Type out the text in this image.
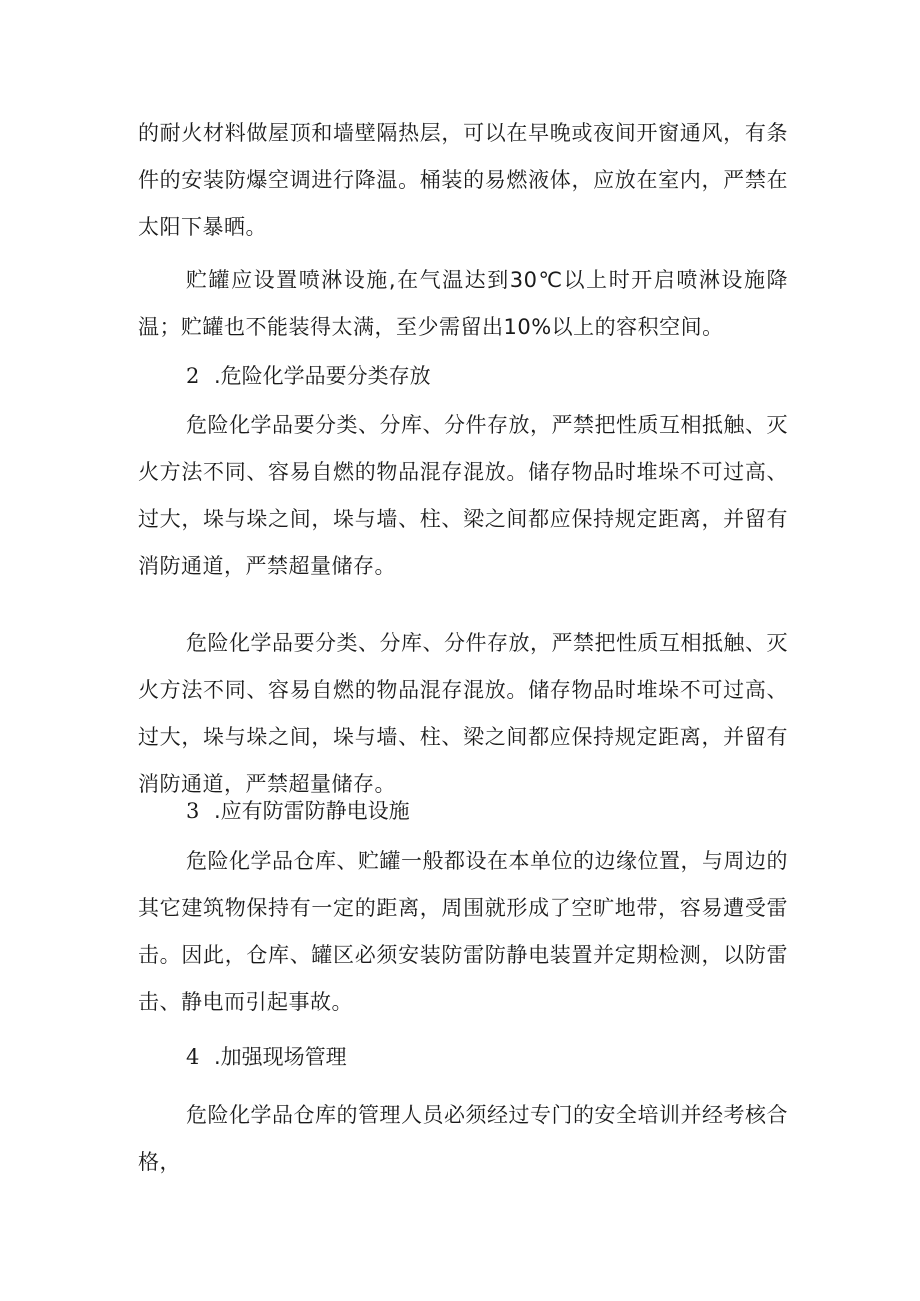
的耐火材料做屋顶和墙壁隔热层，可以在早晚或夜间开窗通风，有条件的安装防爆空调进行降温。桶装的易燃液体，应放在室内，严禁在太阳下暴晒。

贮罐应设置喷淋设施,在气温达到30℃以上时开启喷淋设施降温；贮罐也不能装得太满，至少需留出10%以上的容积空间。

2 .危险化学品要分类存放

危险化学品要分类、分库、分件存放，严禁把性质互相抵触、灭火方法不同、容易自燃的物品混存混放。储存物品时堆垛不可过高、过大，垛与垛之间，垛与墙、柱、梁之间都应保持规定距离，并留有消防通道，严禁超量储存。

危险化学品要分类、分库、分件存放，严禁把性质互相抵触、灭火方法不同、容易自燃的物品混存混放。储存物品时堆垛不可过高、过大，垛与垛之间，垛与墙、柱、梁之间都应保持规定距离，并留有消防通道，严禁超量储存。

3 .应有防雷防静电设施

危险化学品仓库、贮罐一般都设在本单位的边缘位置，与周边的其它建筑物保持有一定的距离，周围就形成了空旷地带，容易遭受雷击。因此，仓库、罐区必须安装防雷防静电装置并定期检测，以防雷击、静电而引起事故。

4 .加强现场管理

危险化学品仓库的管理人员必须经过专门的安全培训并经考核合格，
